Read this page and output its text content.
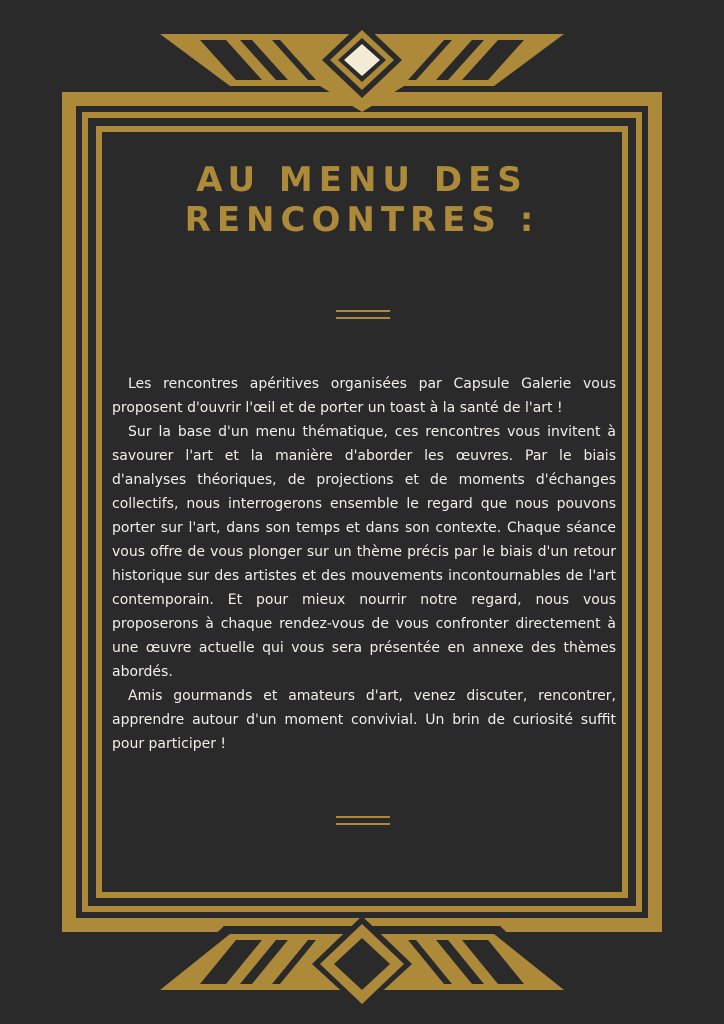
AU MENU DES RENCONTRES :

Les rencontres apéritives organisées par Capsule Galerie vous proposent d'ouvrir l'œil et de porter un toast à la santé de l'art !

Sur la base d'un menu thématique, ces rencontres vous invitent à savourer l'art et la manière d'aborder les œuvres. Par le biais d'analyses théoriques, de projections et de moments d'échanges collectifs, nous interrogerons ensemble le regard que nous pouvons porter sur l'art, dans son temps et dans son contexte. Chaque séance vous offre de vous plonger sur un thème précis par le biais d'un retour historique sur des artistes et des mouvements incontournables de l'art contemporain. Et pour mieux nourrir notre regard, nous vous proposerons à chaque rendez-vous de vous confronter directement à une œuvre actuelle qui vous sera présentée en annexe des thèmes abordés.

Amis gourmands et amateurs d'art, venez discuter, rencontrer, apprendre autour d'un moment convivial. Un brin de curiosité suffit pour participer !
